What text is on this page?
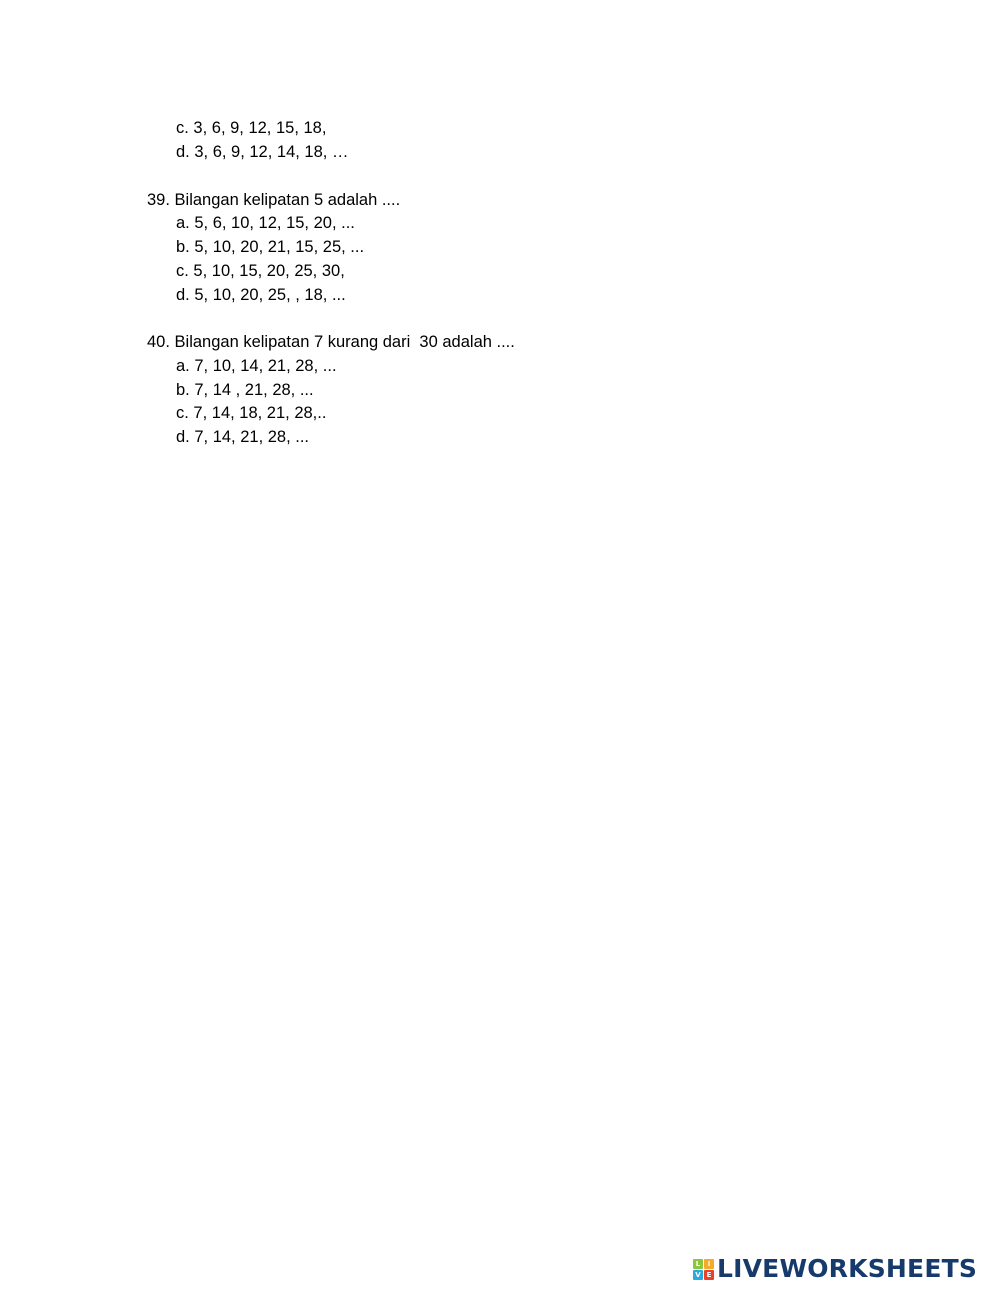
c. 3, 6, 9, 12, 15, 18,
d. 3, 6, 9, 12, 14, 18, …
39. Bilangan kelipatan 5 adalah ....
a. 5, 6, 10, 12, 15, 20, ...
b. 5, 10, 20, 21, 15, 25, ...
c. 5, 10, 15, 20, 25, 30,
d. 5, 10, 20, 25, , 18, ...
40. Bilangan kelipatan 7 kurang dari  30 adalah ....
a. 7, 10, 14, 21, 28, ...
b. 7, 14 , 21, 28, ...
c. 7, 14, 18, 21, 28,..
d. 7, 14, 21, 28, ...
L	I
V E LIVEWORKSHEETS
